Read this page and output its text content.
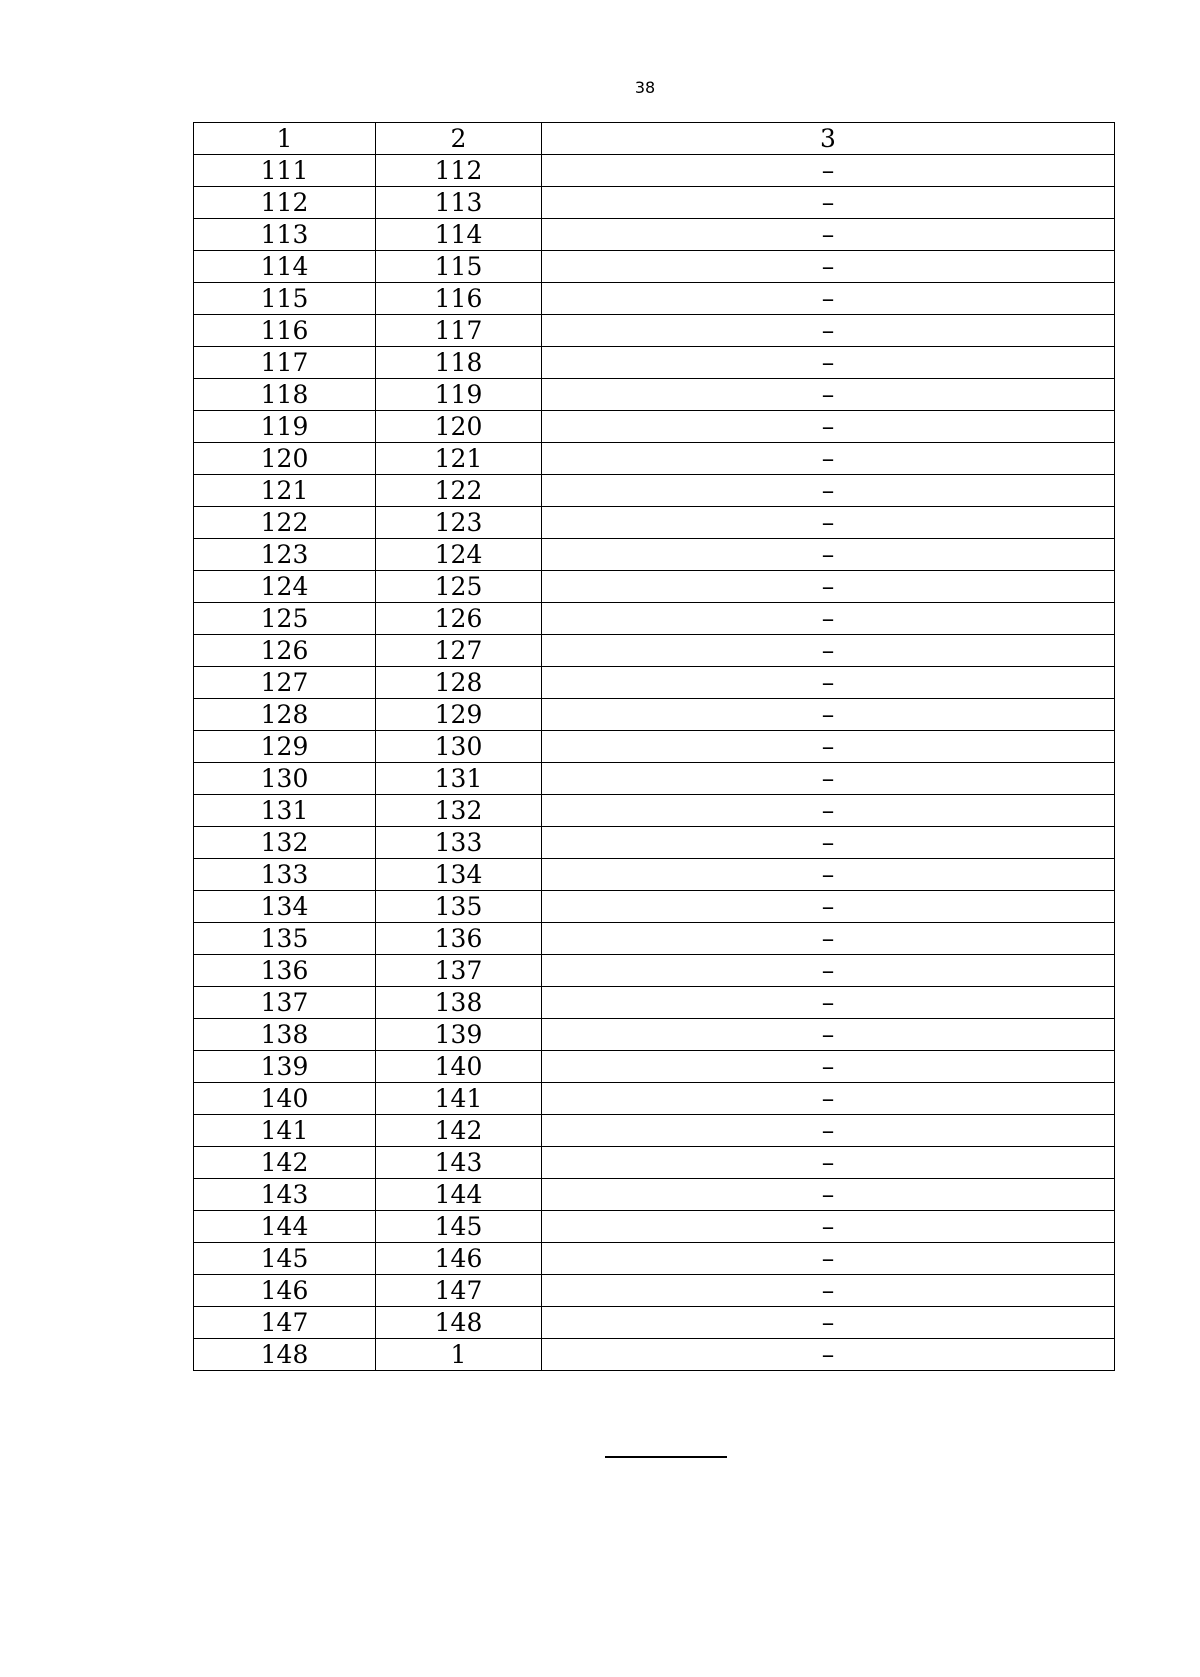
38
1	2	3
111	112	–
112	113	–
113	114	–
114	115	–
115	116	–
116	117	–
117	118	–
118	119	–
119	120	–
120	121	–
121	122	–
122	123	–
123	124	–
124	125	–
125	126	–
126	127	–
127	128	–
128	129	–
129	130	–
130	131	–
131	132	–
132	133	–
133	134	–
134	135	–
135	136	–
136	137	–
137	138	–
138	139	–
139	140	–
140	141	–
141	142	–
142	143	–
143	144	–
144	145	–
145	146	–
146	147	–
147	148	–
148	1	–
